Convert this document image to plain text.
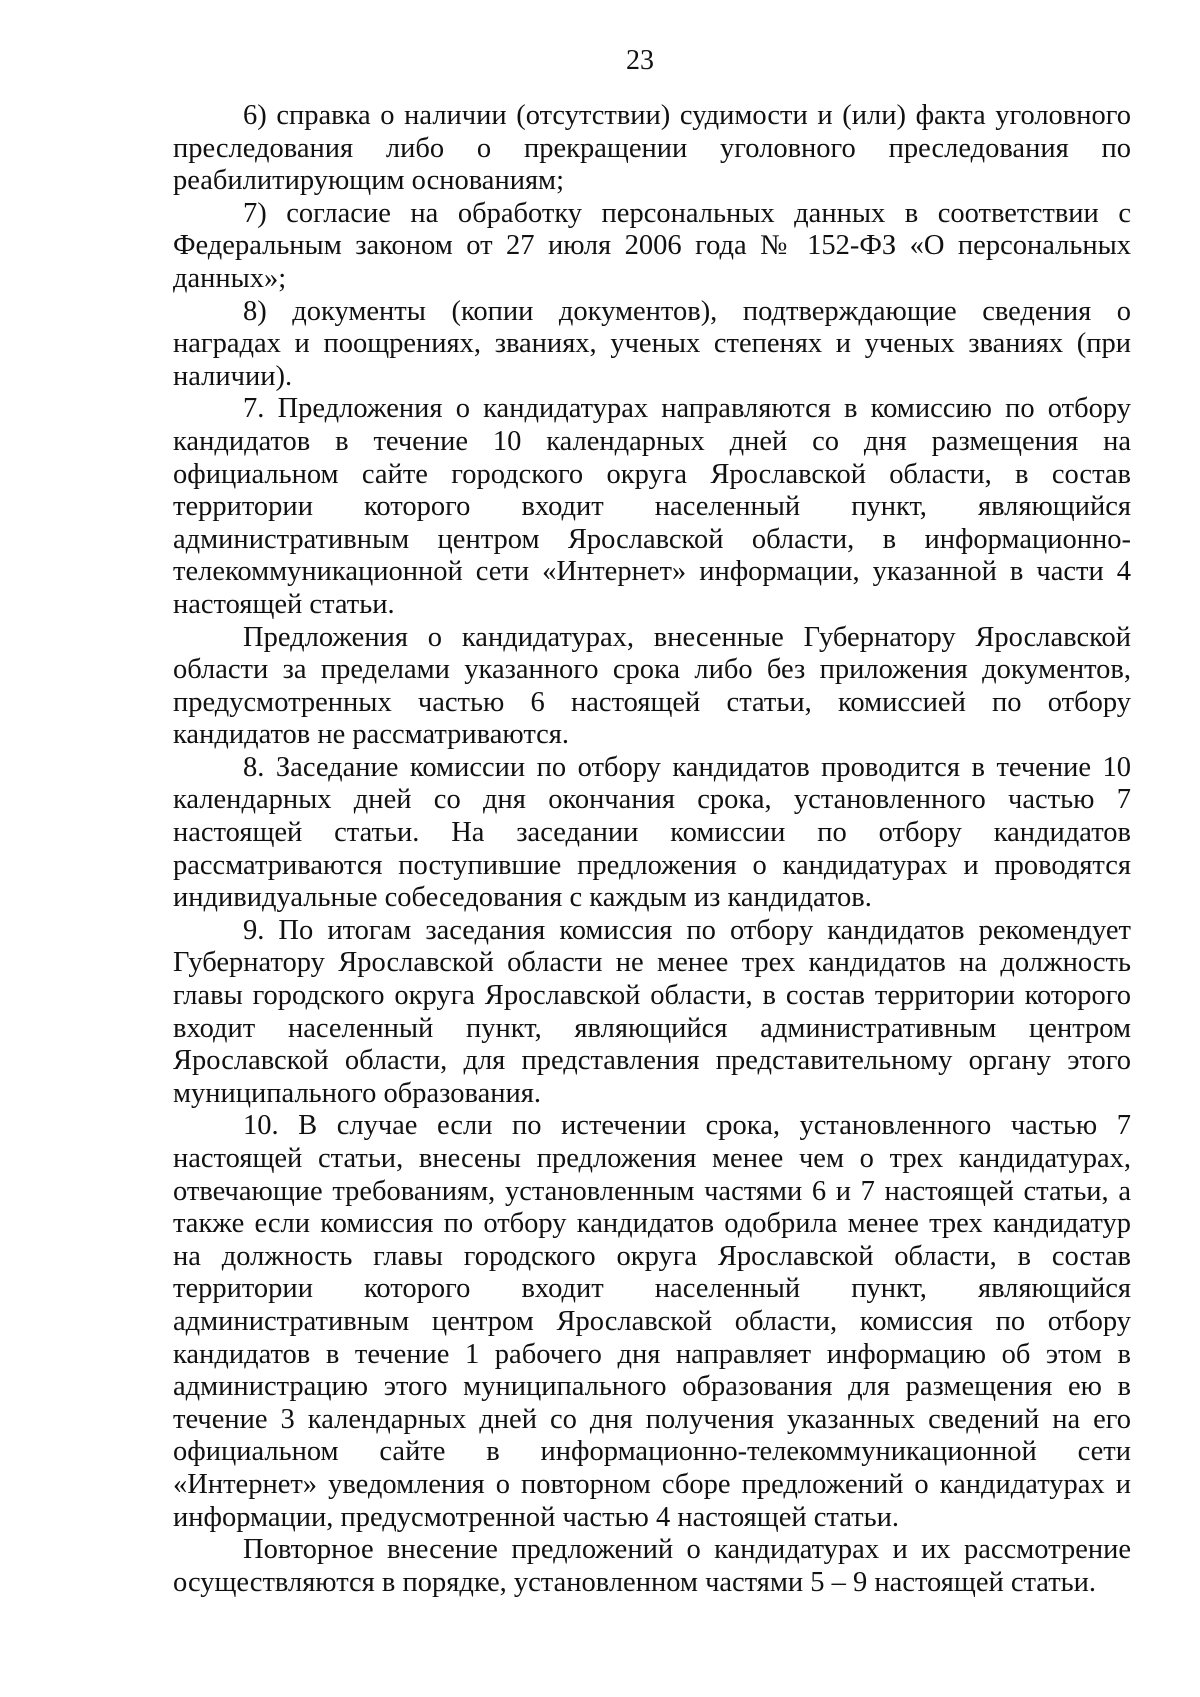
23

6) справка о наличии (отсутствии) судимости и (или) факта уголовного преследования либо о прекращении уголовного преследования по реабилитирующим основаниям;

7) согласие на обработку персональных данных в соответствии с Федеральным законом от 27 июля 2006 года № 152-ФЗ «О персональных данных»;

8) документы (копии документов), подтверждающие сведения о наградах и поощрениях, званиях, ученых степенях и ученых званиях (при наличии).

7. Предложения о кандидатурах направляются в комиссию по отбору кандидатов в течение 10 календарных дней со дня размещения на официальном сайте городского округа Ярославской области, в состав территории которого входит населенный пункт, являющийся административным центром Ярославской области, в информационно-телекоммуникационной сети «Интернет» информации, указанной в части 4 настоящей статьи.

Предложения о кандидатурах, внесенные Губернатору Ярославской области за пределами указанного срока либо без приложения документов, предусмотренных частью 6 настоящей статьи, комиссией по отбору кандидатов не рассматриваются.

8. Заседание комиссии по отбору кандидатов проводится в течение 10 календарных дней со дня окончания срока, установленного частью 7 настоящей статьи. На заседании комиссии по отбору кандидатов рассматриваются поступившие предложения о кандидатурах и проводятся индивидуальные собеседования с каждым из кандидатов.

9. По итогам заседания комиссия по отбору кандидатов рекомендует Губернатору Ярославской области не менее трех кандидатов на должность главы городского округа Ярославской области, в состав территории которого входит населенный пункт, являющийся административным центром Ярославской области, для представления представительному органу этого муниципального образования.

10. В случае если по истечении срока, установленного частью 7 настоящей статьи, внесены предложения менее чем о трех кандидатурах, отвечающие требованиям, установленным частями 6 и 7 настоящей статьи, а также если комиссия по отбору кандидатов одобрила менее трех кандидатур на должность главы городского округа Ярославской области, в состав территории которого входит населенный пункт, являющийся административным центром Ярославской области, комиссия по отбору кандидатов в течение 1 рабочего дня направляет информацию об этом в администрацию этого муниципального образования для размещения ею в течение 3 календарных дней со дня получения указанных сведений на его официальном сайте в информационно-телекоммуникационной сети «Интернет» уведомления о повторном сборе предложений о кандидатурах и информации, предусмотренной частью 4 настоящей статьи.

Повторное внесение предложений о кандидатурах и их рассмотрение осуществляются в порядке, установленном частями 5 – 9 настоящей статьи.
